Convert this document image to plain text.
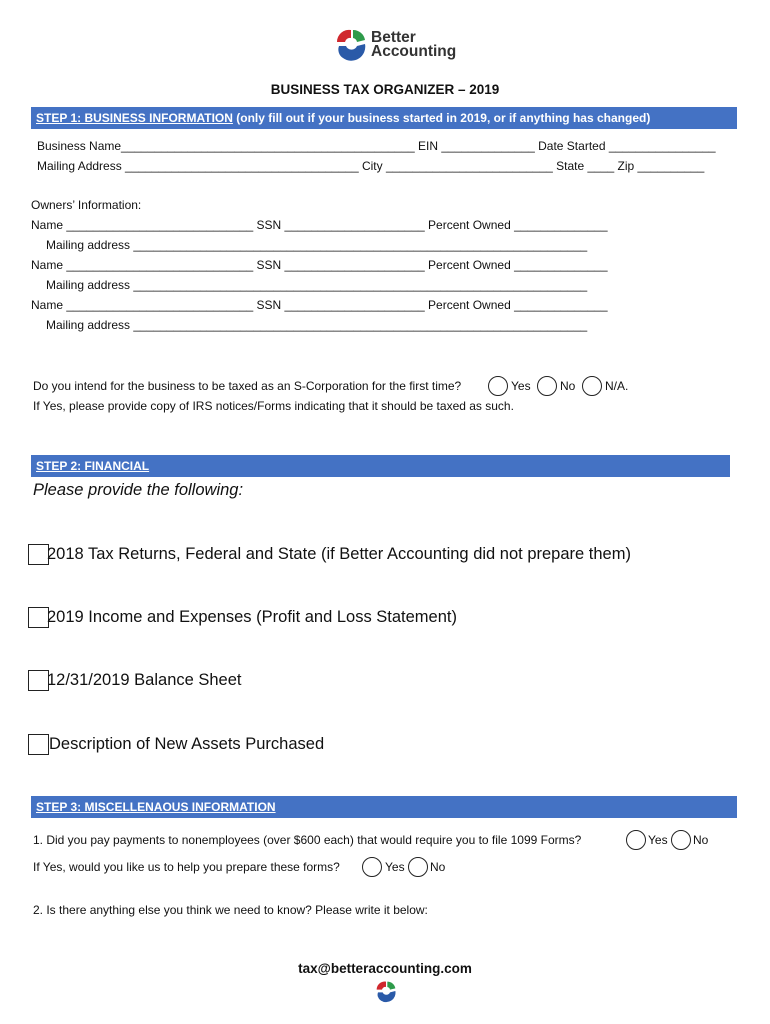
Better
Accounting
BUSINESS TAX ORGANIZER – 2019
STEP 1: BUSINESS INFORMATION (only fill out if your business started in 2019, or if anything has changed)
Business Name____________________________________________ EIN ______________ Date Started ________________
Mailing Address ___________________________________ City _________________________ State ____ Zip __________
Owners’ Information:
Name ____________________________ SSN _____________________ Percent Owned ______________
Mailing address ____________________________________________________________________
Name ____________________________ SSN _____________________ Percent Owned ______________
Mailing address ____________________________________________________________________
Name ____________________________ SSN _____________________ Percent Owned ______________
Mailing address ____________________________________________________________________
Do you intend for the business to be taxed as an S-Corporation for the first time?	Yes No N/A.
If Yes, please provide copy of IRS notices/Forms indicating that it should be taxed as such.
STEP 2: FINANCIAL
Please provide the following:
2018 Tax Returns, Federal and State (if Better Accounting did not prepare them)
2019 Income and Expenses (Profit and Loss Statement)
12/31/2019 Balance Sheet
Description of New Assets Purchased
STEP 3: MISCELLENAOUS INFORMATION
1. Did you pay payments to nonemployees (over $600 each) that would require you to file 1099 Forms?	Yes No
If Yes, would you like us to help you prepare these forms?	Yes No
2. Is there anything else you think we need to know? Please write it below:
tax@betteraccounting.com
